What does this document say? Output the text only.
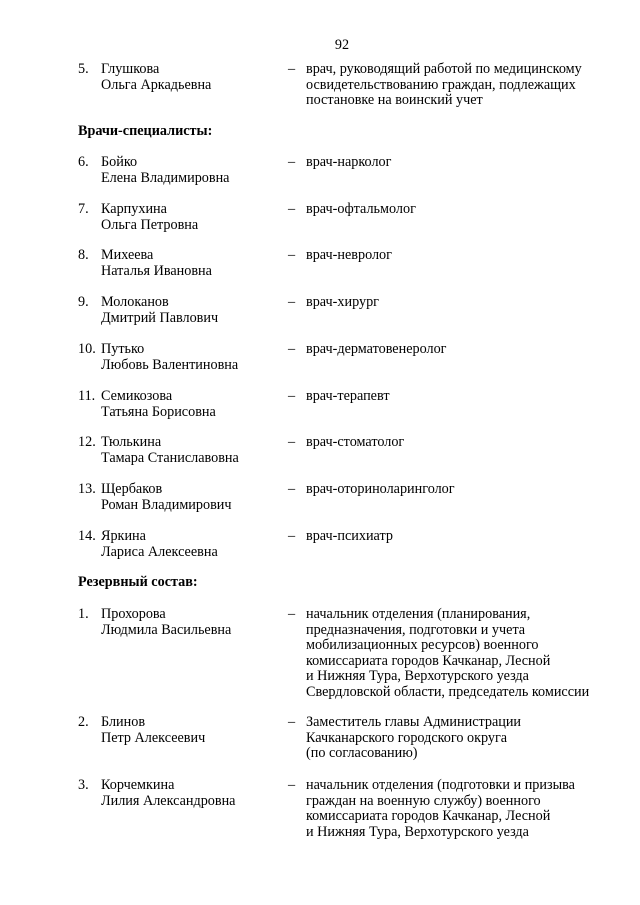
92
5. Глушкова
Ольга Аркадьевна
– врач, руководящий работой по медицинскому
освидетельствованию граждан, подлежащих
постановке на воинский учет
Врачи-специалисты:
6. Бойко
Елена Владимировна
– врач-нарколог
7. Карпухина
Ольга Петровна
– врач-офтальмолог
8. Михеева
Наталья Ивановна
– врач-невролог
9. Молоканов
Дмитрий Павлович
– врач-хирург
10. Путько
Любовь Валентиновна
– врач-дерматовенеролог
11. Семикозова
Татьяна Борисовна
– врач-терапевт
12. Тюлькина
Тамара Станиславовна
– врач-стоматолог
13. Щербаков
Роман Владимирович
– врач-оториноларинголог
14. Яркина
Лариса Алексеевна
– врач-психиатр
Резервный состав:
1. Прохорова
Людмила Васильевна
– начальник отделения (планирования,
предназначения, подготовки и учета
мобилизационных ресурсов) военного
комиссариата городов Качканар, Лесной
и Нижняя Тура, Верхотурского уезда
Свердловской области, председатель комиссии
2. Блинов
Петр Алексеевич
– Заместитель главы Администрации
Качканарского городского округа
(по согласованию)
3. Корчемкина
Лилия Александровна
– начальник отделения (подготовки и призыва
граждан на военную службу) военного
комиссариата городов Качканар, Лесной
и Нижняя Тура, Верхотурского уезда
